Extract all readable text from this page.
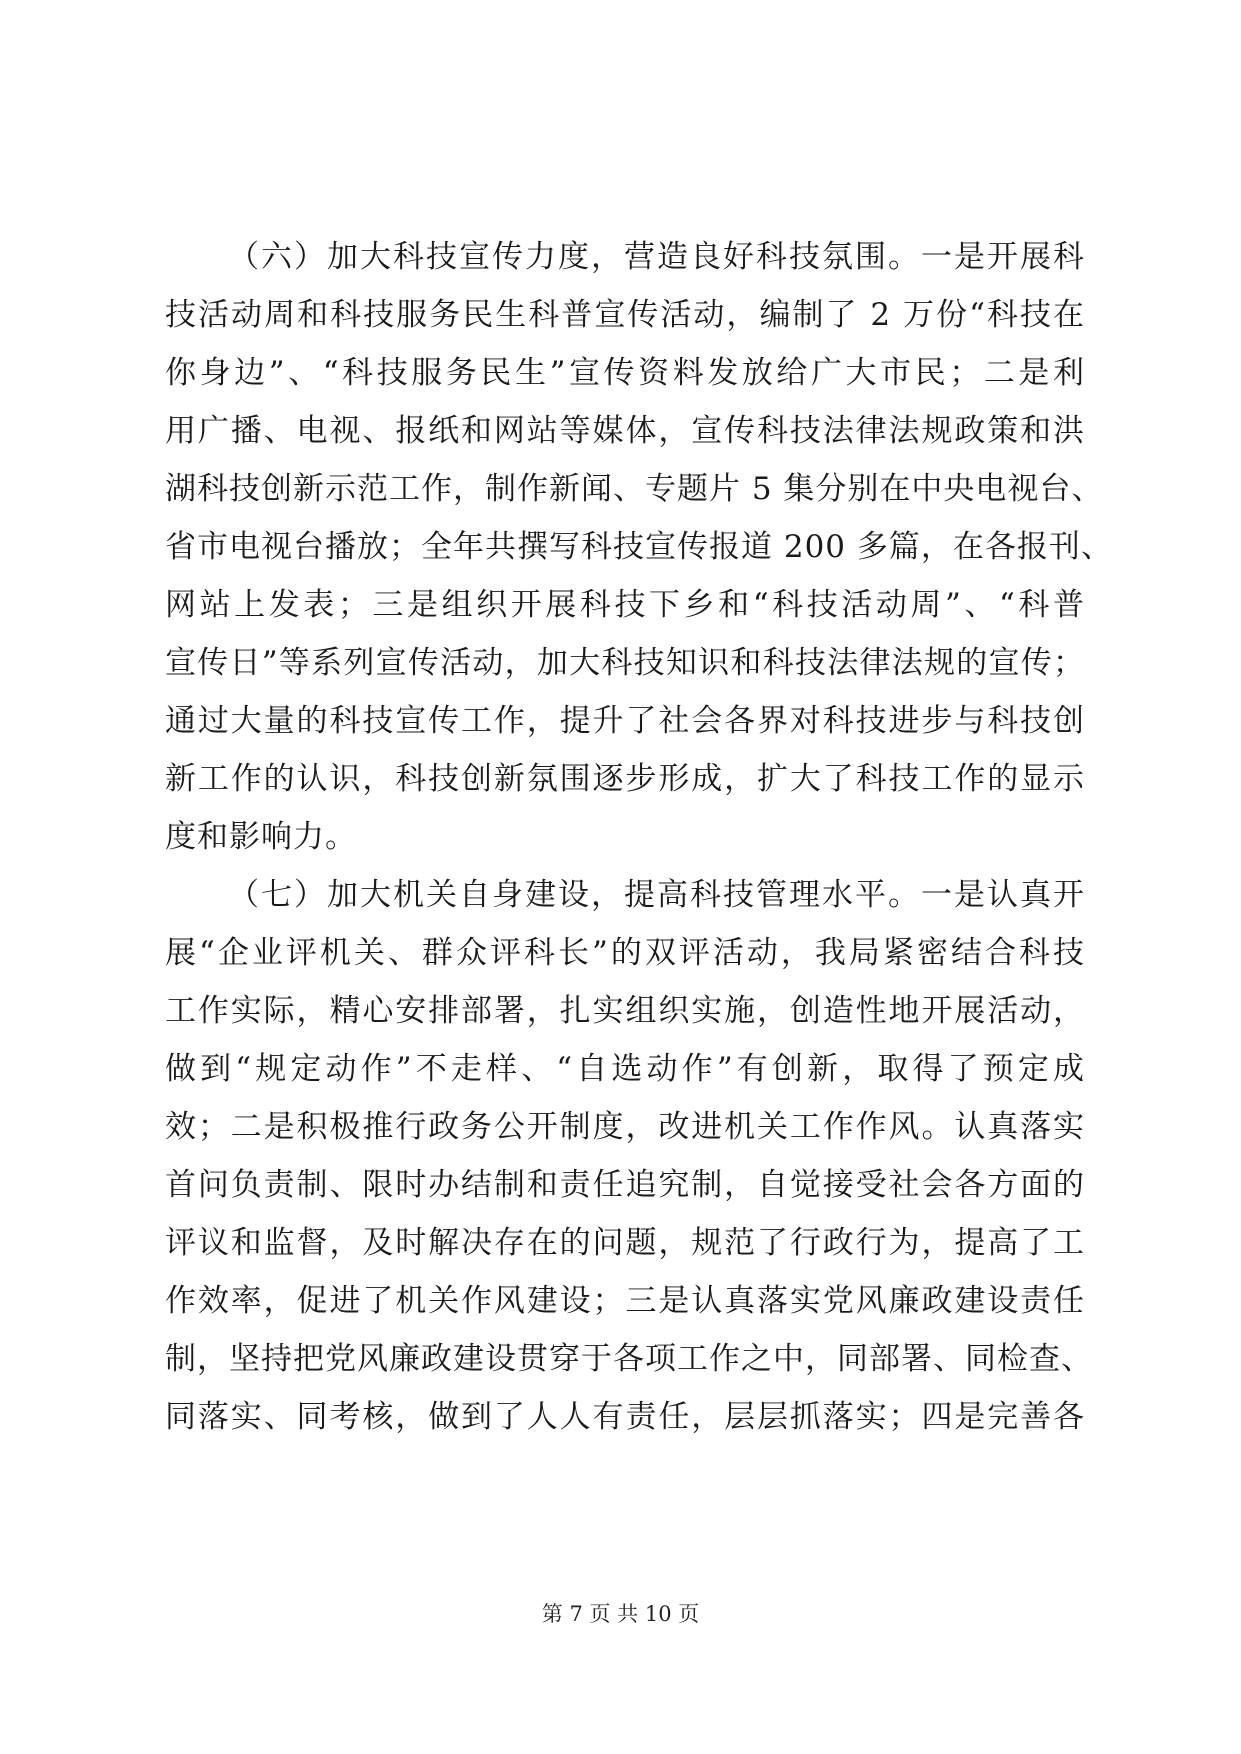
（六）加大科技宣传力度，营造良好科技氛围。一是开展科
技活动周和科技服务民生科普宣传活动，编制了 2 万份“科技在
你身边”、“科技服务民生”宣传资料发放给广大市民；二是利
用广播、电视、报纸和网站等媒体，宣传科技法律法规政策和洪
湖科技创新示范工作，制作新闻、专题片 5 集分别在中央电视台、
省市电视台播放；全年共撰写科技宣传报道 200 多篇，在各报刊、
网站上发表；三是组织开展科技下乡和“科技活动周”、“科普
宣传日”等系列宣传活动，加大科技知识和科技法律法规的宣传；
通过大量的科技宣传工作，提升了社会各界对科技进步与科技创
新工作的认识，科技创新氛围逐步形成，扩大了科技工作的显示
度和影响力。
（七）加大机关自身建设，提高科技管理水平。一是认真开
展“企业评机关、群众评科长”的双评活动，我局紧密结合科技
工作实际，精心安排部署，扎实组织实施，创造性地开展活动，
做到“规定动作”不走样、“自选动作”有创新，取得了预定成
效；二是积极推行政务公开制度，改进机关工作作风。认真落实
首问负责制、限时办结制和责任追究制，自觉接受社会各方面的
评议和监督，及时解决存在的问题，规范了行政行为，提高了工
作效率，促进了机关作风建设；三是认真落实党风廉政建设责任
制，坚持把党风廉政建设贯穿于各项工作之中，同部署、同检查、
同落实、同考核，做到了人人有责任，层层抓落实；四是完善各
第 7 页 共 10 页
